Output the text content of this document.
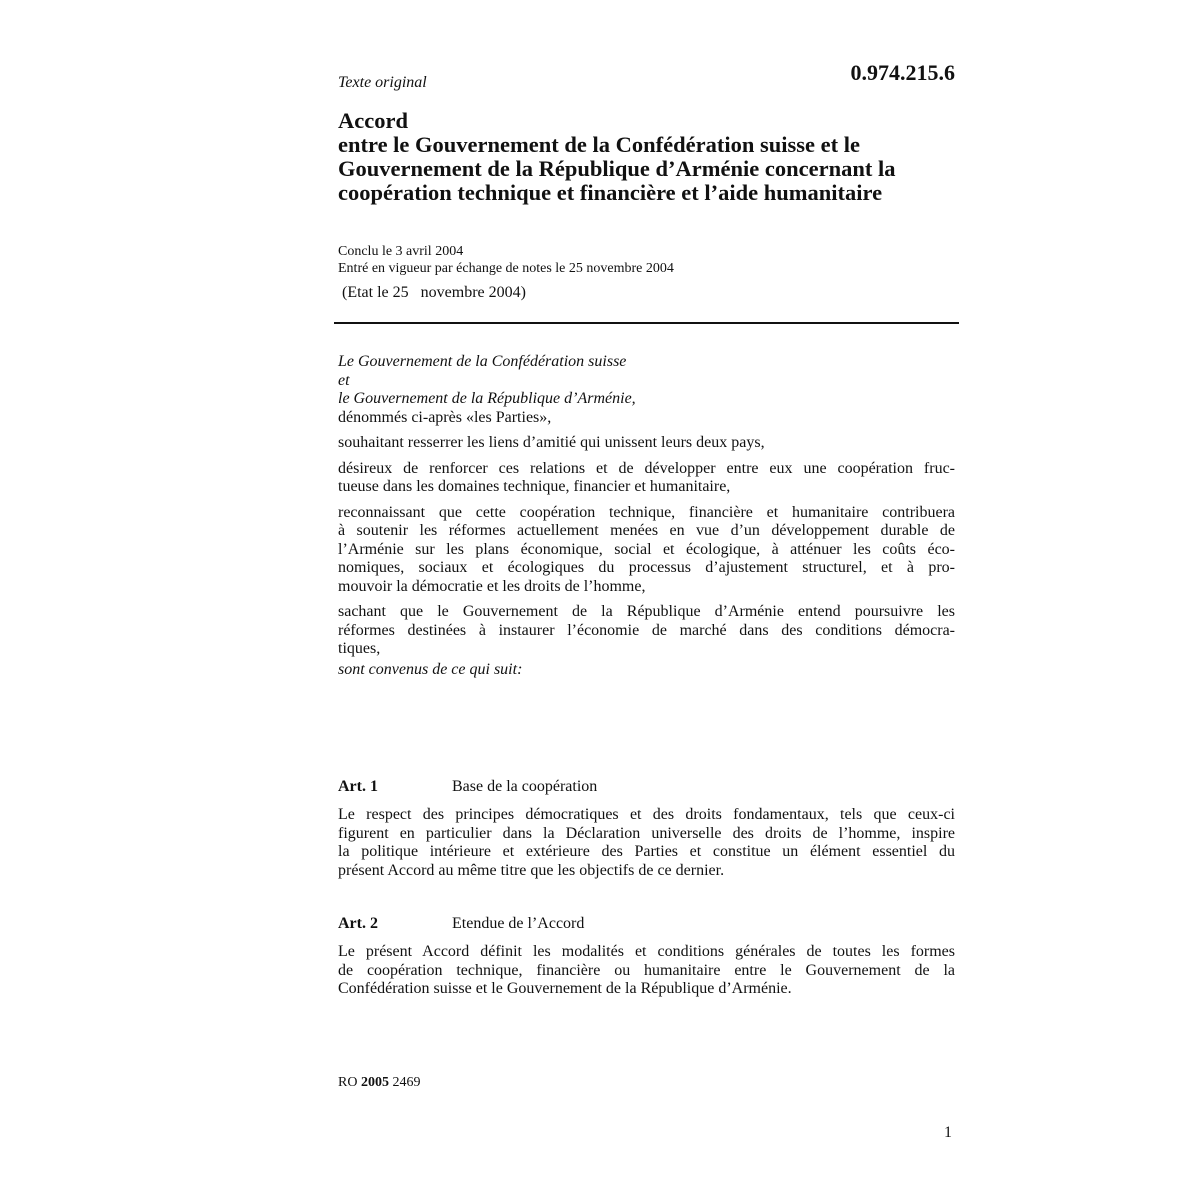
Texte original	0.974.215.6
Accord
entre le Gouvernement de la Confédération suisse et le
Gouvernement de la République d’Arménie concernant la
coopération technique et financière et l’aide humanitaire
Conclu le 3 avril 2004
Entré en vigueur par échange de notes le 25 novembre 2004
(Etat le 25   novembre 2004)
Le Gouvernement de la Confédération suisse
et
le Gouvernement de la République d’Arménie,
dénommés ci-après «les Parties»,
souhaitant resserrer les liens d’amitié qui unissent leurs deux pays,
désireux de renforcer ces relations et de développer entre eux une coopération fruc-
tueuse dans les domaines technique, financier et humanitaire,
reconnaissant que cette coopération technique, financière et humanitaire contribuera
à soutenir les réformes actuellement menées en vue d’un développement durable de
l’Arménie sur les plans économique, social et écologique, à atténuer les coûts éco-
nomiques, sociaux et écologiques du processus d’ajustement structurel, et à pro-
mouvoir la démocratie et les droits de l’homme,
sachant que le Gouvernement de la République d’Arménie entend poursuivre les
réformes destinées à instaurer l’économie de marché dans des conditions démocra-
tiques,
sont convenus de ce qui suit:
Art. 1	Base de la coopération
Le respect des principes démocratiques et des droits fondamentaux, tels que ceux-ci
figurent en particulier dans la Déclaration universelle des droits de l’homme, inspire
la politique intérieure et extérieure des Parties et constitue un élément essentiel du
présent Accord au même titre que les objectifs de ce dernier.
Art. 2	Etendue de l’Accord
Le présent Accord définit les modalités et conditions générales de toutes les formes
de coopération technique, financière ou humanitaire entre le Gouvernement de la
Confédération suisse et le Gouvernement de la République d’Arménie.
RO 2005 2469
1
